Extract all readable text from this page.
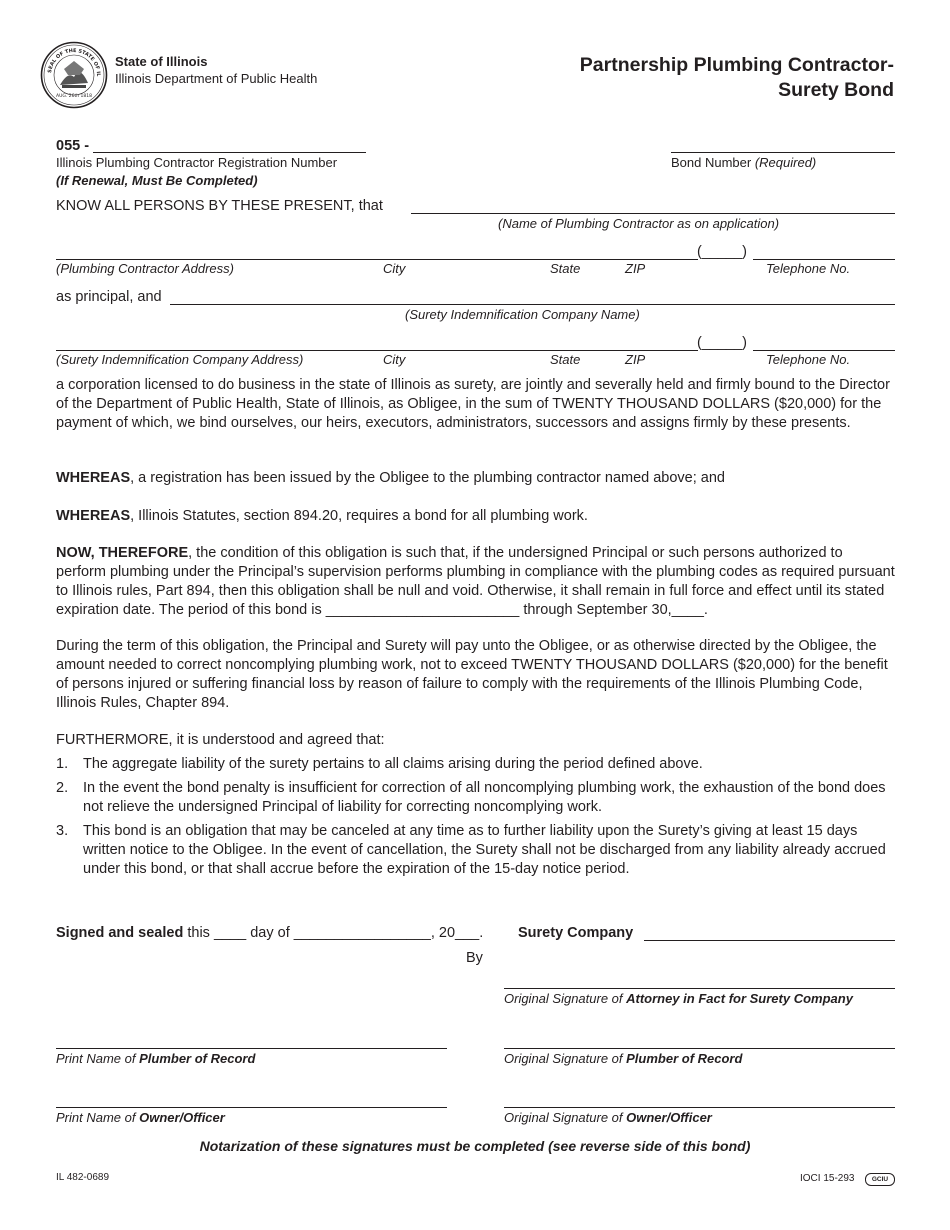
SEAL OF THE STATE OF IL
AUG. 26th 1818
State of Illinois
Illinois Department of Public Health
Partnership Plumbing Contractor-
Surety Bond
055 -
Illinois Plumbing Contractor Registration Number
(If Renewal, Must Be Completed)
Bond Number (Required)
KNOW ALL PERSONS BY THESE PRESENT, that
(Name of Plumbing Contractor as on application)
(_____)
(Plumbing Contractor Address)	City	State	ZIP	Telephone No.
as principal, and
(Surety Indemnification Company Name)
(_____)
(Surety Indemnification Company Address)	City	State	ZIP	Telephone No.
a corporation licensed to do business in the state of Illinois as surety, are jointly and severally held and firmly bound to the Director of the Department of Public Health, State of Illinois, as Obligee, in the sum of TWENTY THOUSAND DOLLARS ($20,000) for the payment of which, we bind ourselves, our heirs, executors, administrators, successors and assigns firmly by these presents.
WHEREAS, a registration has been issued by the Obligee to the plumbing contractor named above; and
WHEREAS, Illinois Statutes, section 894.20, requires a bond for all plumbing work.
NOW, THEREFORE, the condition of this obligation is such that, if the undersigned Principal or such persons authorized to perform plumbing under the Principal’s supervision performs plumbing in compliance with the plumbing codes as required pursuant to Illinois rules, Part 894, then this obligation shall be null and void. Otherwise, it shall remain in full force and effect until its stated expiration date. The period of this bond is ________________________ through September 30,____.
During the term of this obligation, the Principal and Surety will pay unto the Obligee, or as otherwise directed by the Obligee, the amount needed to correct noncomplying plumbing work, not to exceed TWENTY THOUSAND DOLLARS ($20,000) for the benefit of persons injured or suffering financial loss by reason of failure to comply with the requirements of the Illinois Plumbing Code, Illinois Rules, Chapter 894.
FURTHERMORE, it is understood and agreed that:
1.	The aggregate liability of the surety pertains to all claims arising during the period defined above.
2.	In the event the bond penalty is insufficient for correction of all noncomplying plumbing work, the exhaustion of the bond does not relieve the undersigned Principal of liability for correcting noncomplying work.
3.	This bond is an obligation that may be canceled at any time as to further liability upon the Surety’s giving at least 15 days written notice to the Obligee. In the event of cancellation, the Surety shall not be discharged from any liability already accrued under this bond, or that shall accrue before the expiration of the 15-day notice period.
Signed and sealed this ____ day of _________________, 20___. Surety Company
By
Original Signature of Attorney in Fact for Surety Company
Print Name of Plumber of Record	Original Signature of Plumber of Record
Print Name of Owner/Officer	Original Signature of Owner/Officer
Notarization of these signatures must be completed (see reverse side of this bond)
IL 482-0689	IOCI 15-293	GCIU
